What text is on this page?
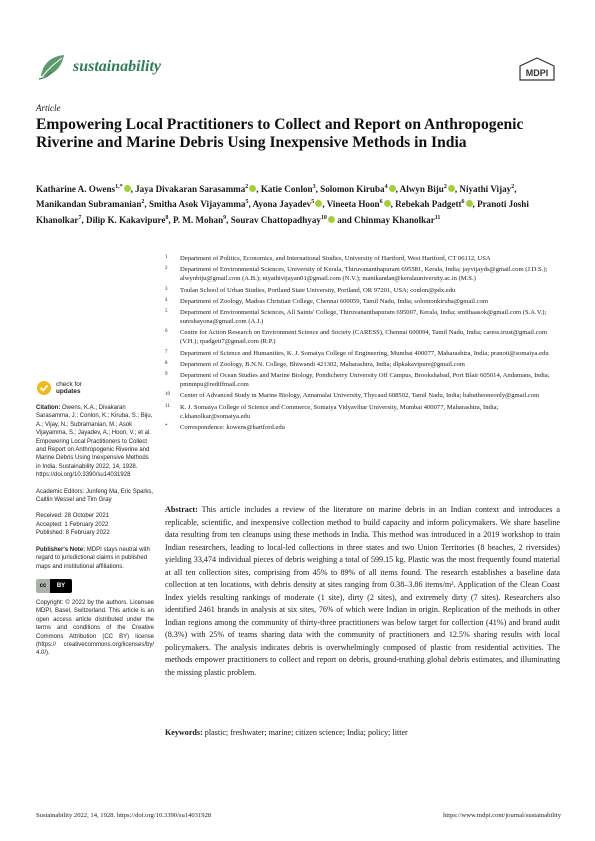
sustainability	MDPI
Article
Empowering Local Practitioners to Collect and Report on Anthropogenic Riverine and Marine Debris Using Inexpensive Methods in India
Katharine A. Owens$^{1,*}$ , Jaya Divakaran Sarasamma$^2$ , Katie Conlon$^3$, Solomon Kiruba$^4$ , Alwyn Biju$^2$ , Niyathi Vijay$^2$, Manikandan Subramanian$^2$, Smitha Asok Vijayamma$^5$, Ayona Jayadev$^5$ , Vineeta Hoon$^6$ , Rebekah Padgett$^6$ , Pranoti Joshi Khanolkar$^7$, Dilip K. Kakavipure$^8$, P. M. Mohan$^9$, Sourav Chattopadhyay$^{10}$ and Chinmay Khanolkar$^{11}$
1 Department of Politics, Economics, and International Studies, University of Hartford, West Hartford, CT 06112, USA
2 Department of Environmental Sciences, University of Kerala, Thiruvananthapuram 695581, Kerala, India; jayvijayds@gmail.com (J.D.S.); alwynbiju@gmail.com (A.B.); niyathivijayan01@gmail.com (N.V.); manikandan@keralauniversity.ac.in (M.S.)
3 Toulan School of Urban Studies, Portland State University, Portland, OR 97201, USA; conlon@pdx.edu
4 Department of Zoology, Madras Christian College, Chennai 600059, Tamil Nadu, India; solomonkiruba@gmail.com
5 Department of Environmental Sciences, All Saints' College, Thiruvananthapuram 695007, Kerala, India; smithaasok@gmail.com (S.A.V.); sureshayona@gmail.com (A.J.)
6 Centre for Action Research on Environment Science and Society (CARESS), Chennai 600094, Tamil Nadu, India; caress.trust@gmail.com (V.H.); rpadgett7@gmail.com (R.P.)
7 Department of Science and Humanities, K. J. Somaiya College of Engineering, Mumbai 400077, Maharashtra, India; pranoti@somaiya.edu
8 Department of Zoology, B.N.N. College, Bhiwandi 421302, Maharashtra, India; dlpkakavipure@gmail.com
9 Department of Ocean Studies and Marine Biology, Pondicherry University Off Campus, Brookshabad, Port Blair 605014, Andamans, India; pmmnpu@rediffmail.com
10 Center of Advanced Study in Marine Biology, Annamalai University, Thycaud 608502, Tamil Nadu, India; babutheoneonly@gmail.com
11 K. J. Somaiya College of Science and Commerce, Somaiya Vidyavihar University, Mumbai 400077, Maharashtra, India; c.khanolkar@somaiya.edu
* Correspondence: kowens@hartford.edu
check for
updates
Citation: Owens, K.A.; Divakaran Sarasamma, J.; Conlon, K.; Kiruba, S.; Biju, A.; Vijay, N.; Subramanian, M.; Asok Vijayamma, S.; Jayadev, A.; Hoon, V.; et al. Empowering Local Practitioners to Collect and Report on Anthropogenic Riverine and Marine Debris Using Inexpensive Methods in India. Sustainability 2022, 14, 1928. https://doi.org/10.3390/su14031928
Academic Editors: Junfeng Ma, Eric Sparks, Caitlin Wessel and Tim Gray
Received: 28 October 2021
Accepted: 1 February 2022
Published: 8 February 2022
Publisher's Note: MDPI stays neutral with regard to jurisdictional claims in published maps and institutional affiliations.
cc	BY
Copyright: © 2022 by the authors. Licensee MDPI, Basel, Switzerland. This article is an open access article distributed under the terms and conditions of the Creative Commons Attribution (CC BY) license (https:// creativecommons.org/licenses/by/ 4.0/).
Abstract: This article includes a review of the literature on marine debris in an Indian context and introduces a replicable, scientific, and inexpensive collection method to build capacity and inform policymakers. We share baseline data resulting from ten cleanups using these methods in India. This method was introduced in a 2019 workshop to train Indian researchers, leading to local-led collections in three states and two Union Territories (8 beaches, 2 riversides) yielding 33,474 individual pieces of debris weighing a total of 599.15 kg. Plastic was the most frequently found material at all ten collection sites, comprising from 45% to 89% of all items found. The research establishes a baseline data collection at ten locations, with debris density at sites ranging from 0.38–3.86 items/m². Application of the Clean Coast Index yields resulting rankings of moderate (1 site), dirty (2 sites), and extremely dirty (7 sites). Researchers also identified 2461 brands in analysis at six sites, 76% of which were Indian in origin. Replication of the methods in other Indian regions among the community of thirty-three practitioners was below target for collection (41%) and brand audit (8.3%) with 25% of teams sharing data with the community of practitioners and 12.5% sharing results with local policymakers. The analysis indicates debris is overwhelmingly composed of plastic from residential activities. The methods empower practitioners to collect and report on debris, ground-truthing global debris estimates, and illuminating the missing plastic problem.
Keywords: plastic; freshwater; marine; citizen science; India; policy; litter
Sustainability 2022, 14, 1928. https://doi.org/10.3390/su14031928	https://www.mdpi.com/journal/sustainability
